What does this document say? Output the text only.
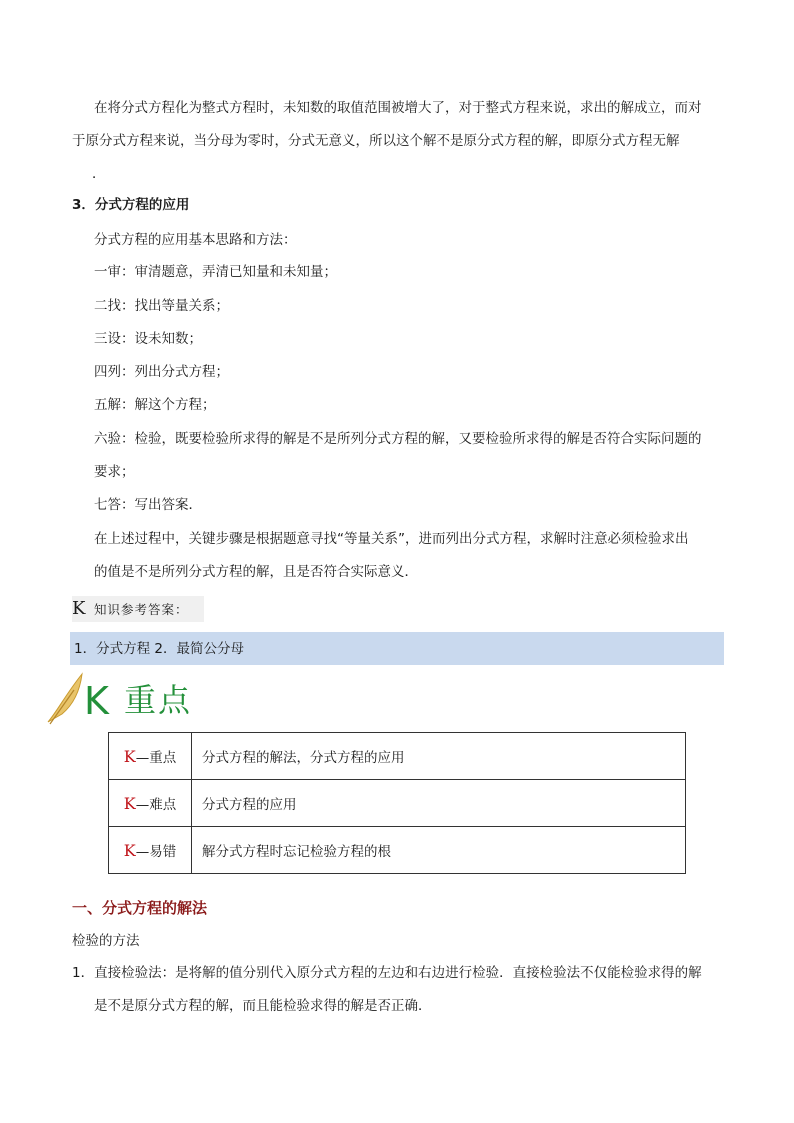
在将分式方程化为整式方程时，未知数的取值范围被增大了，对于整式方程来说，求出的解成立，而对
于原分式方程来说，当分母为零时，分式无意义，所以这个解不是原分式方程的解，即原分式方程无解
．
3．分式方程的应用
分式方程的应用基本思路和方法：
一审：审清题意，弄清已知量和未知量；
二找：找出等量关系；
三设：设未知数；
四列：列出分式方程；
五解：解这个方程；
六验：检验，既要检验所求得的解是不是所列分式方程的解，又要检验所求得的解是否符合实际问题的
要求；
七答：写出答案．
在上述过程中，关键步骤是根据题意寻找“等量关系”，进而列出分式方程，求解时注意必须检验求出
的值是不是所列分式方程的解，且是否符合实际意义．
K 知识参考答案：
1．分式方程 2．最简公分母
K 重点
K—重点	分式方程的解法，分式方程的应用
K—难点	分式方程的应用
K—易错	解分式方程时忘记检验方程的根
一、分式方程的解法
检验的方法
1．直接检验法：是将解的值分别代入原分式方程的左边和右边进行检验．直接检验法不仅能检验求得的解
是不是原分式方程的解，而且能检验求得的解是否正确．
